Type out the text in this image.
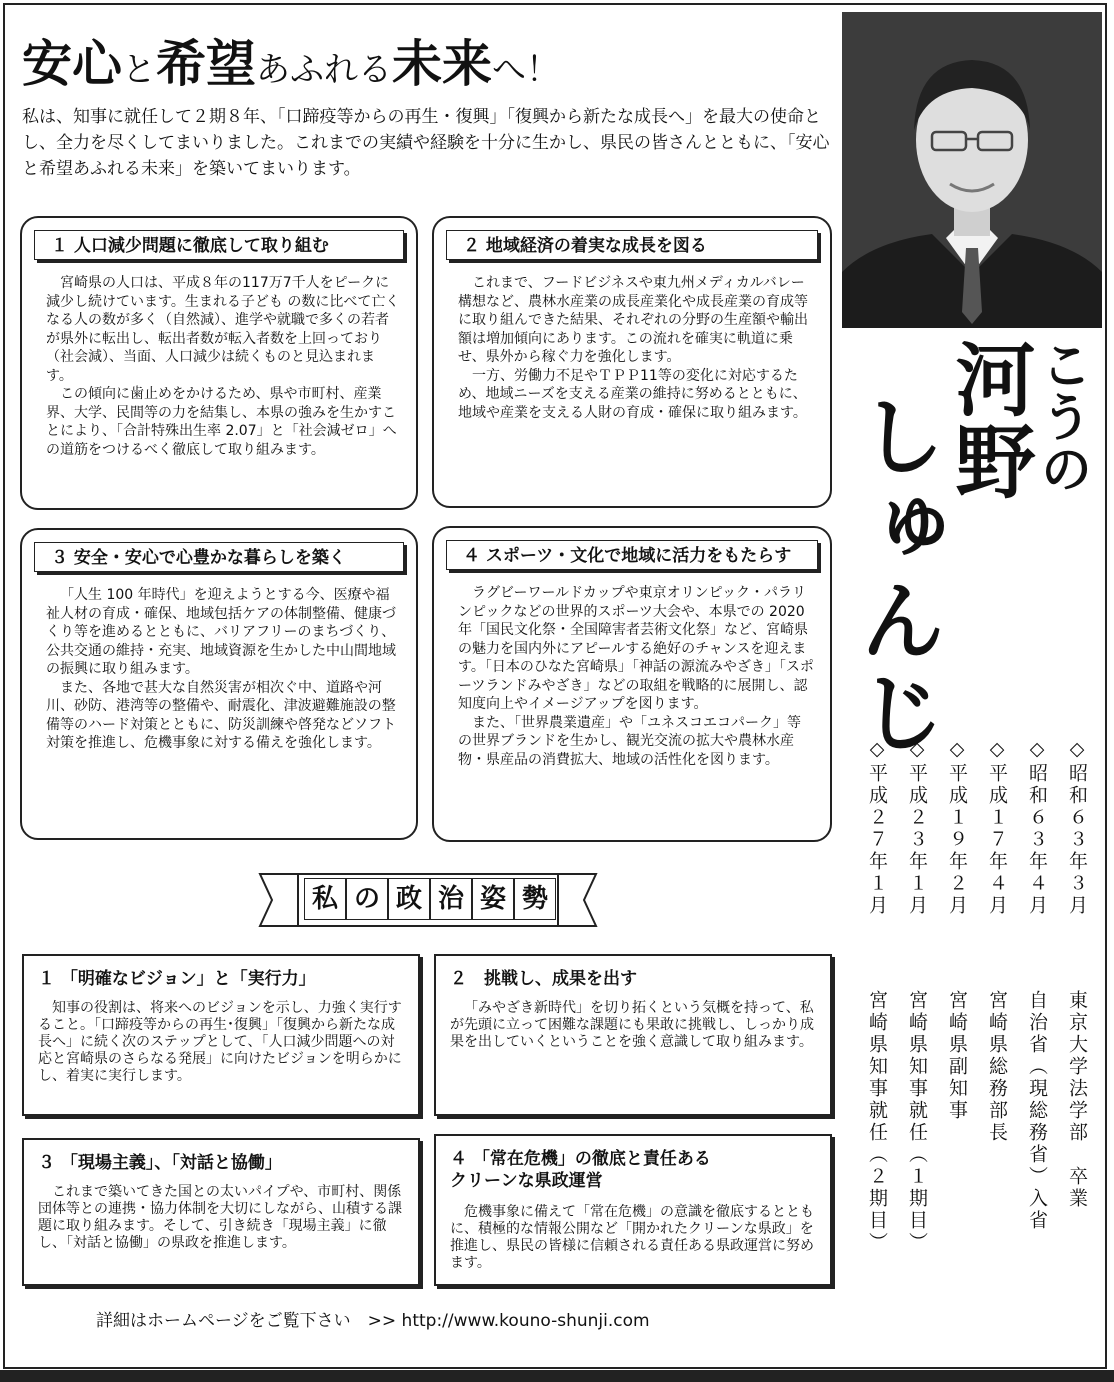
安心と希望あふれる未来へ！
私は、知事に就任して２期８年、「口蹄疫等からの再生・復興」「復興から新たな成長へ」を最大の使命とし、全力を尽くしてまいりました。これまでの実績や経験を十分に生かし、県民の皆さんとともに、「安心と希望あふれる未来」を築いてまいります。
こうの
河野
しゅんじ
◇昭和６３年３月
東京大学法学部　卒業
◇昭和６３年４月
自治省（現総務省）入省
◇平成１７年４月
宮崎県総務部長
◇平成１９年２月
宮崎県副知事
◇平成２３年１月
宮崎県知事就任（１期目）
◇平成２７年１月
宮崎県知事就任（２期目）
１ 人口減少問題に徹底して取り組む

宮崎県の人口は、平成８年の117万7千人をピークに減少し続けています。生まれる子ども の数に比べて亡くなる人の数が多く（自然減）、進学や就職で多くの若者が県外に転出し、転出者数が転入者数を上回っており（社会減）、当面、人口減少は続くものと見込まれます。

この傾向に歯止めをかけるため、県や市町村、産業界、大学、民間等の力を結集し、本県の強みを生かすことにより、「合計特殊出生率 2.07」と「社会減ゼロ」への道筋をつけるべく徹底して取り組みます。

２ 地域経済の着実な成長を図る

これまで、フードビジネスや東九州メディカルバレー構想など、農林水産業の成長産業化や成長産業の育成等に取り組んできた結果、それぞれの分野の生産額や輸出額は増加傾向にあります。この流れを確実に軌道に乗せ、県外から稼ぐ力を強化します。

一方、労働力不足やＴＰＰ11等の変化に対応するため、地域ニーズを支える産業の維持に努めるとともに、地域や産業を支える人財の育成・確保に取り組みます。

３ 安全・安心で心豊かな暮らしを築く

「人生 100 年時代」を迎えようとする今、医療や福祉人材の育成・確保、地域包括ケアの体制整備、健康づくり等を進めるとともに、バリアフリーのまちづくり、公共交通の維持・充実、地域資源を生かした中山間地域の振興に取り組みます。

また、各地で甚大な自然災害が相次ぐ中、道路や河川、砂防、港湾等の整備や、耐震化、津波避難施設の整備等のハード対策とともに、防災訓練や啓発などソフト対策を推進し、危機事象に対する備えを強化します。

４ スポーツ・文化で地域に活力をもたらす

ラグビーワールドカップや東京オリンピック・パラリンピックなどの世界的スポーツ大会や、本県での 2020 年「国民文化祭・全国障害者芸術文化祭」など、宮崎県の魅力を国内外にアピールする絶好のチャンスを迎えます。「日本のひなた宮崎県」「神話の源流みやざき」「スポーツランドみやざき」などの取組を戦略的に展開し、認知度向上やイメージアップを図ります。

また、「世界農業遺産」や「ユネスコエコパーク」等の世界ブランドを生かし、観光交流の拡大や農林水産物・県産品の消費拡大、地域の活性化を図ります。

私 の 政 治 姿 勢
１ 「明確なビジョン」と「実行力」

知事の役割は、将来へのビジョンを示し、力強く実行すること。「口蹄疫等からの再生･復興」「復興から新たな成長へ」に続く次のステップとして、「人口減少問題への対応と宮崎県のさらなる発展」に向けたビジョンを明らかにし、着実に実行します。

２　挑戦し、成果を出す

「みやざき新時代」を切り拓くという気概を持って、私が先頭に立って困難な課題にも果敢に挑戦し、しっかり成果を出していくということを強く意識して取り組みます。

３ 「現場主義」、「対話と協働」

これまで築いてきた国との太いパイプや、市町村、関係団体等との連携・協力体制を大切にしながら、山積する課題に取り組みます。そして、引き続き「現場主義」に徹し、「対話と協働」の県政を推進します。

４ 「常在危機」の徹底と責任ある
クリーンな県政運営

危機事象に備えて「常在危機」の意識を徹底するとともに、積極的な情報公開など「開かれたクリーンな県政」を推進し、県民の皆様に信頼される責任ある県政運営に努めます。

詳細はホームページをご覧下さい　>> http://www.kouno-shunji.com
